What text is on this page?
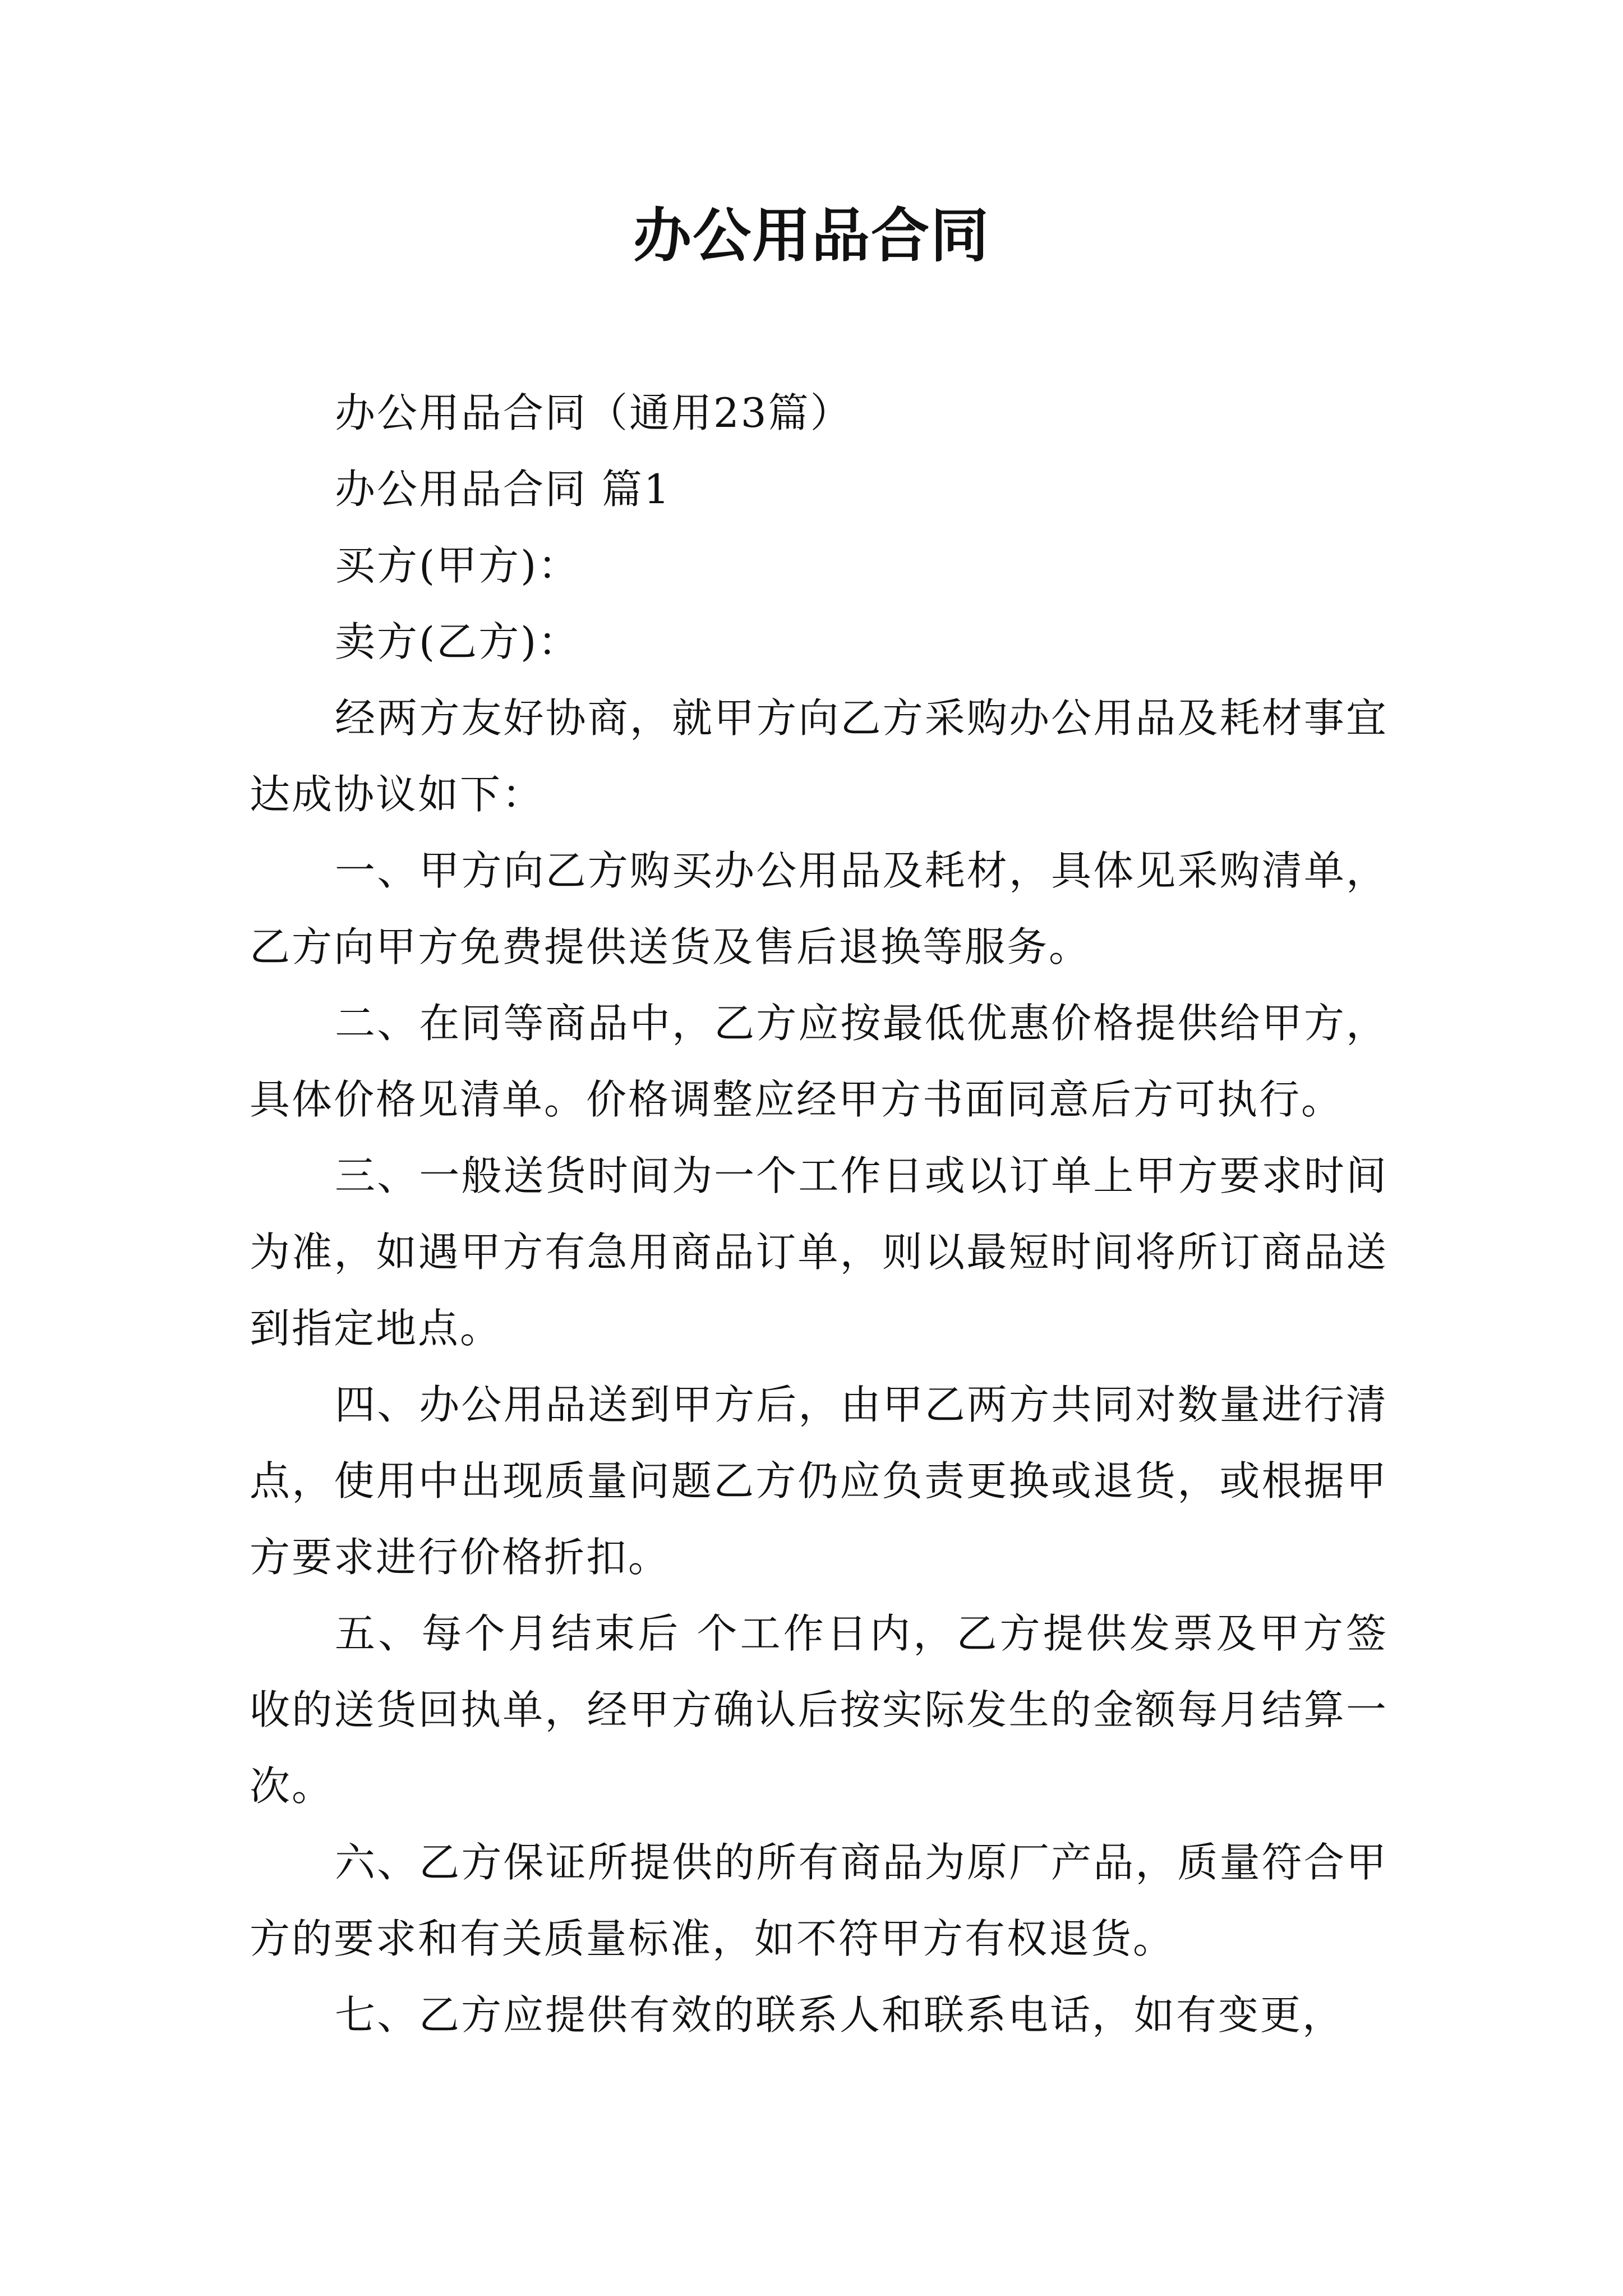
办公用品合同

办公用品合同（通用23篇）

办公用品合同 篇1

买方(甲方)：

卖方(乙方)：

经两方友好协商，就甲方向乙方采购办公用品及耗材事宜达成协议如下：

一、甲方向乙方购买办公用品及耗材，具体见采购清单，乙方向甲方免费提供送货及售后退换等服务。

二、在同等商品中，乙方应按最低优惠价格提供给甲方，具体价格见清单。价格调整应经甲方书面同意后方可执行。

三、一般送货时间为一个工作日或以订单上甲方要求时间为准，如遇甲方有急用商品订单，则以最短时间将所订商品送到指定地点。

四、办公用品送到甲方后，由甲乙两方共同对数量进行清点，使用中出现质量问题乙方仍应负责更换或退货，或根据甲方要求进行价格折扣。

五、每个月结束后 个工作日内，乙方提供发票及甲方签收的送货回执单，经甲方确认后按实际发生的金额每月结算一次。

六、乙方保证所提供的所有商品为原厂产品，质量符合甲方的要求和有关质量标准，如不符甲方有权退货。

七、乙方应提供有效的联系人和联系电话，如有变更，
